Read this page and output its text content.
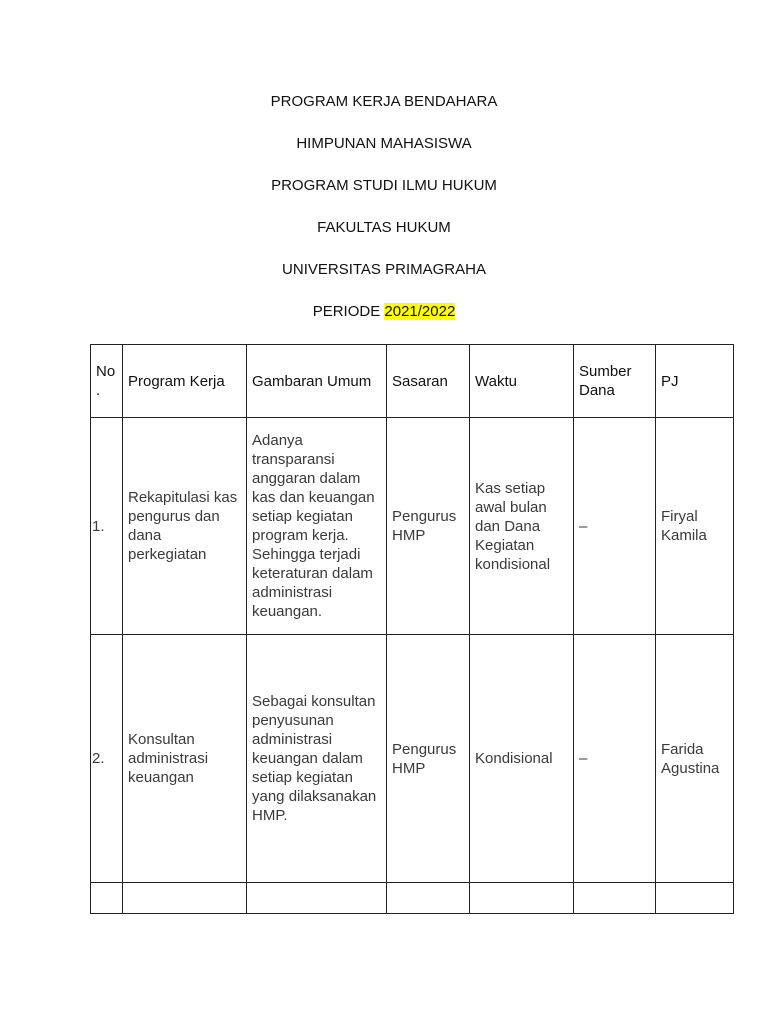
PROGRAM KERJA BENDAHARA
HIMPUNAN MAHASISWA
PROGRAM STUDI ILMU HUKUM
FAKULTAS HUKUM
UNIVERSITAS PRIMAGRAHA
PERIODE 2021/2022
No.	Program Kerja	Gambaran Umum	Sasaran	Waktu	Sumber Dana	PJ
1.	Rekapitulasi kas pengurus dan dana perkegiatan	Adanya transparansi anggaran dalam kas dan keuangan setiap kegiatan program kerja. Sehingga terjadi keteraturan dalam administrasi keuangan.	Pengurus HMP	Kas setiap awal bulan dan Dana Kegiatan kondisional	–	Firyal Kamila
2.	Konsultan administrasi keuangan	Sebagai konsultan penyusunan administrasi keuangan dalam setiap kegiatan yang dilaksanakan HMP.	Pengurus HMP	Kondisional	–	Farida Agustina
